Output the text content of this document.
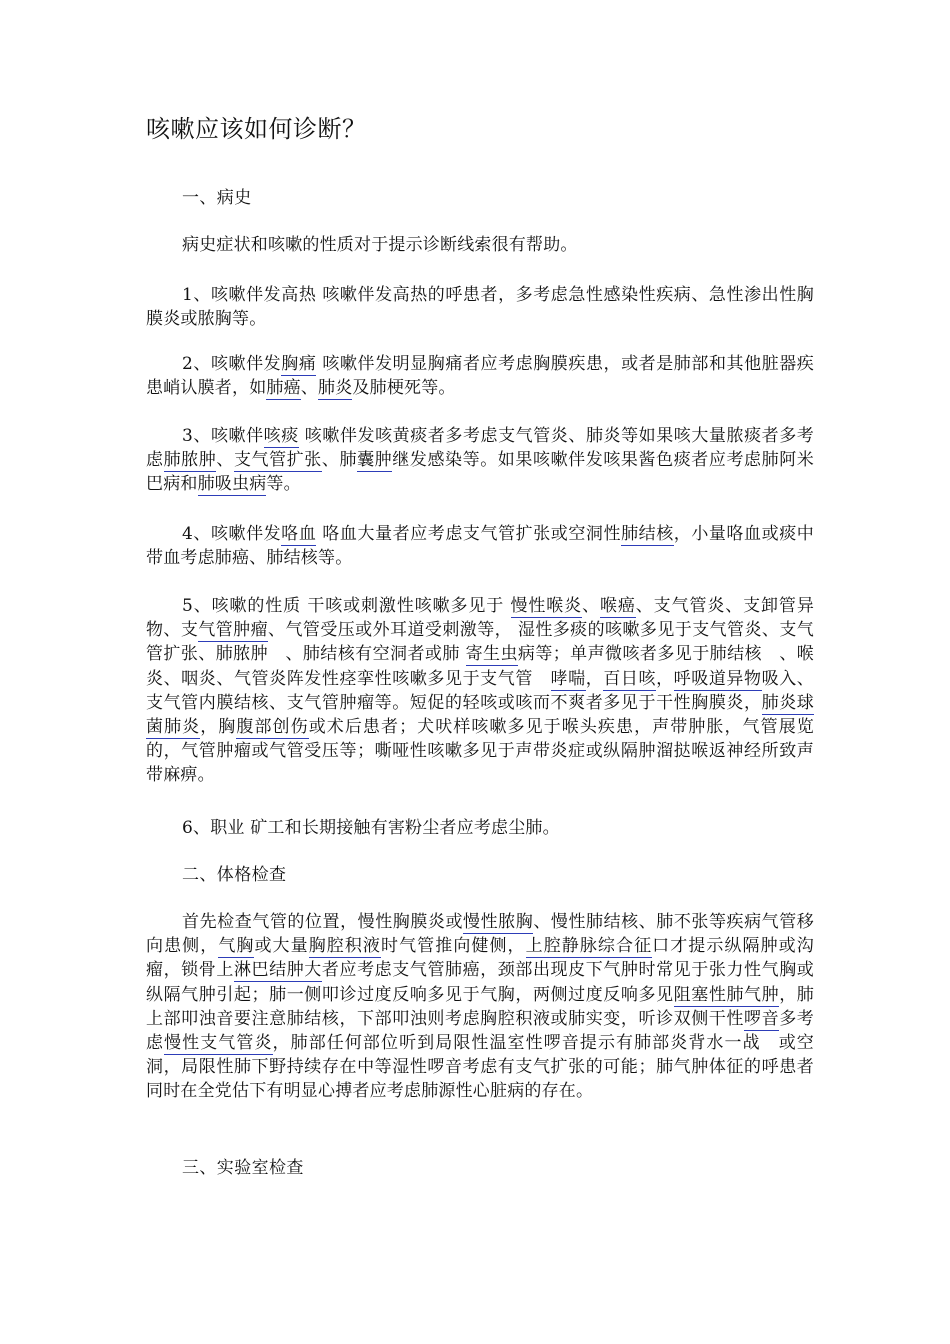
咳嗽应该如何诊断？
一、病史
病史症状和咳嗽的性质对于提示诊断线索很有帮助。
1、咳嗽伴发高热 咳嗽伴发高热的呼患者，多考虑急性感染性疾病、急性渗出性胸膜炎或脓胸等。
2、咳嗽伴发胸痛 咳嗽伴发明显胸痛者应考虑胸膜疾患，或者是肺部和其他脏器疾患峭认膜者，如肺癌、肺炎及肺梗死等。
3、咳嗽伴咳痰 咳嗽伴发咳黄痰者多考虑支气管炎、肺炎等如果咳大量脓痰者多考虑肺脓肿、支气管扩张、肺囊肿继发感染等。如果咳嗽伴发咳果酱色痰者应考虑肺阿米巴病和肺吸虫病等。
4、咳嗽伴发咯血 咯血大量者应考虑支气管扩张或空洞性肺结核，小量咯血或痰中带血考虑肺癌、肺结核等。
5、咳嗽的性质 干咳或刺激性咳嗽多见于 慢性喉炎、喉癌、支气管炎、支卸管异物、支气管肿瘤、气管受压或外耳道受刺激等， 湿性多痰的咳嗽多见于支气管炎、支气管扩张、肺脓肿　、肺结核有空洞者或肺 寄生虫病等；单声微咳者多见于肺结核　、喉炎、咽炎、气管炎阵发性痉挛性咳嗽多见于支气管　哮喘，百日咳，呼吸道异物吸入、支气管内膜结核、支气管肿瘤等。短促的轻咳或咳而不爽者多见于干性胸膜炎，肺炎球菌肺炎，胸腹部创伤或术后患者；犬吠样咳嗽多见于喉头疾患，声带肿胀，气管展览　的，气管肿瘤或气管受压等；嘶哑性咳嗽多见于声带炎症或纵隔肿溜挞喉返神经所致声带麻痹。
6、职业 矿工和长期接触有害粉尘者应考虑尘肺。
二、体格检查
首先检查气管的位置，慢性胸膜炎或慢性脓胸、慢性肺结核、肺不张等疾病气管移向患侧，气胸或大量胸腔积液时气管推向健侧，上腔静脉综合征口才提示纵隔肿或沟瘤，锁骨上淋巴结肿大者应考虑支气管肺癌，颈部出现皮下气肿时常见于张力性气胸或纵隔气肿引起；肺一侧叩诊过度反响多见于气胸，两侧过度反响多见阻塞性肺气肿，肺上部叩浊音要注意肺结核，下部叩浊则考虑胸腔积液或肺实变，听诊双侧干性啰音多考虑慢性支气管炎，肺部任何部位听到局限性温室性啰音提示有肺部炎背水一战　或空洞，局限性肺下野持续存在中等湿性啰音考虑有支气扩张的可能；肺气肿体征的呼患者同时在全党估下有明显心搏者应考虑肺源性心脏病的存在。
三、实验室检查
